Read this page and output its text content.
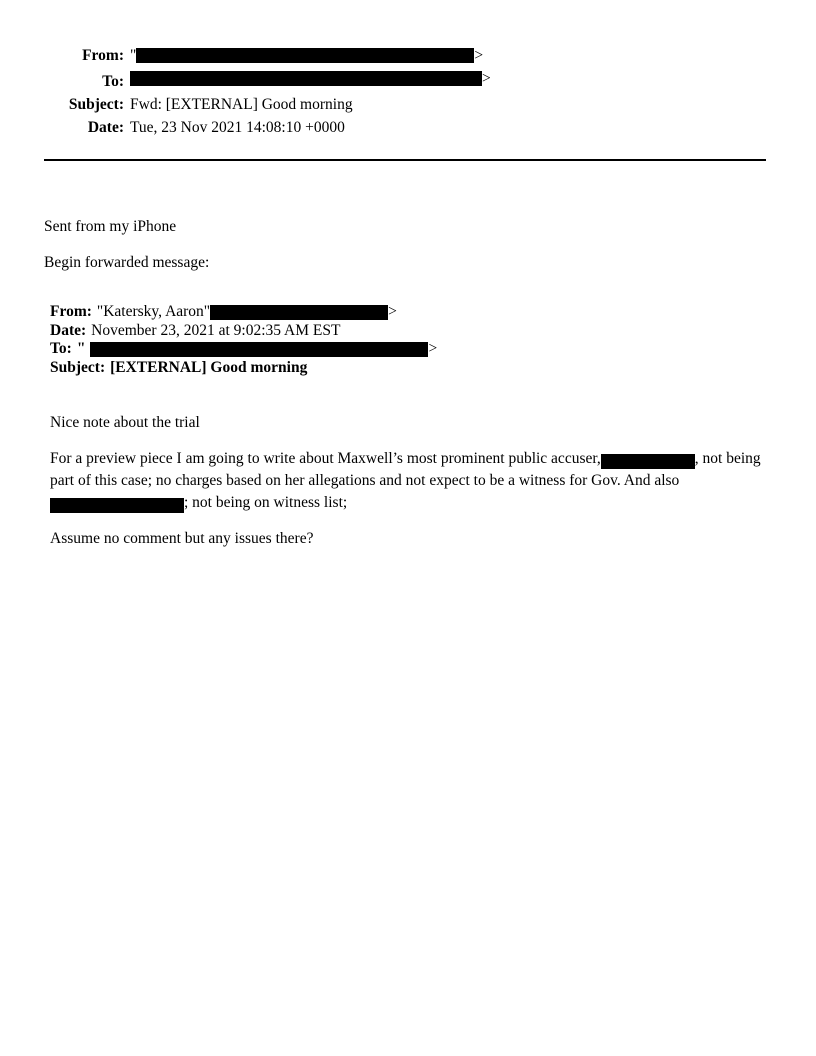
From: "	>
To:	>
Subject: Fwd: [EXTERNAL] Good morning
Date: Tue, 23 Nov 2021 14:08:10 +0000

Sent from my iPhone

Begin forwarded message:

From: "Katersky, Aaron"	>
Date: November 23, 2021 at 9:02:35 AM EST
To: "	>
Subject: [EXTERNAL] Good morning

Nice note about the trial

For a preview piece I am going to write about Maxwell’s most prominent public accuser,	, not being part of this case; no charges based on her allegations and not expect to be a witness for Gov. And also ; not being on witness list;

Assume no comment but any issues there?
